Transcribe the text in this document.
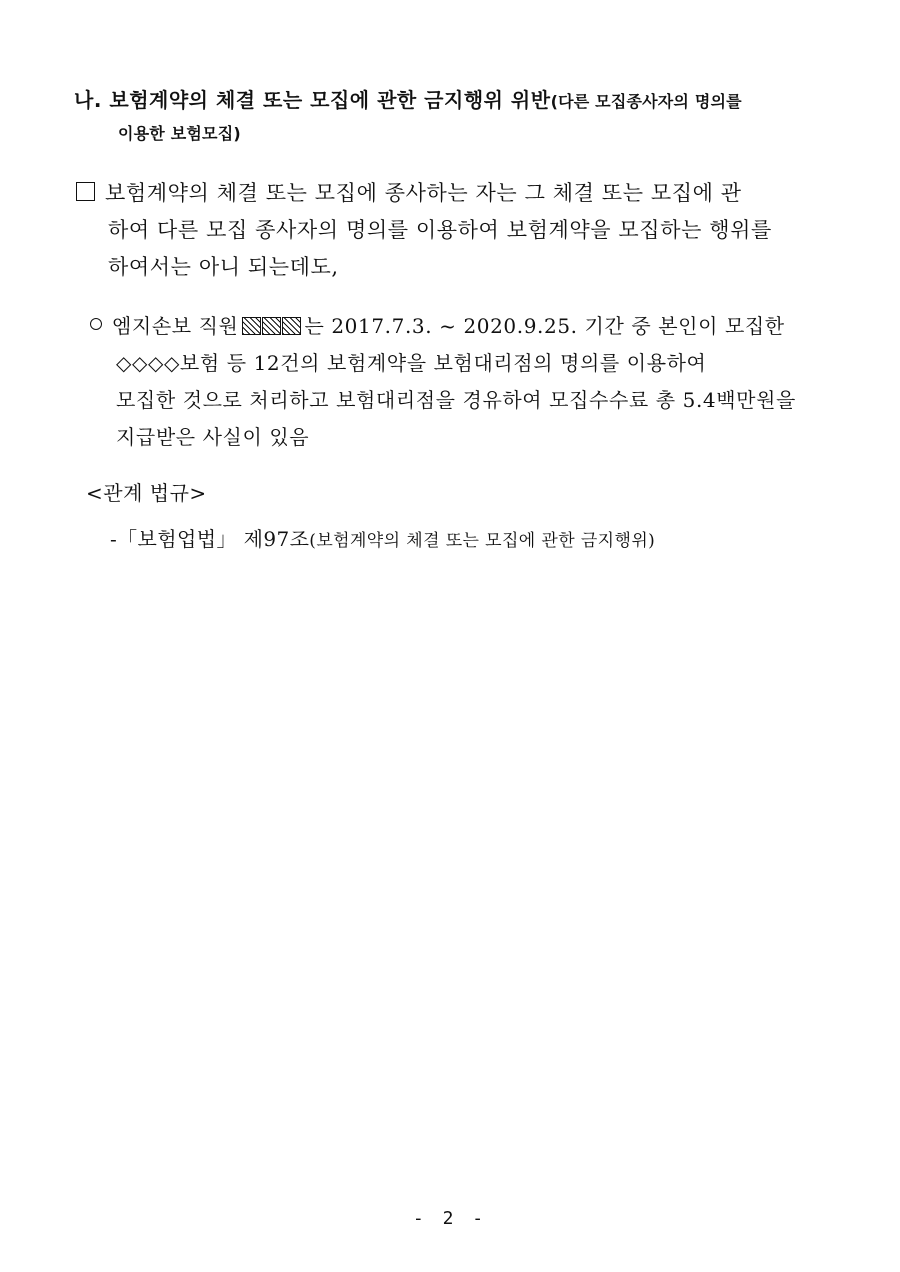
나. 보험계약의 체결 또는 모집에 관한 금지행위 위반(다른 모집종사자의 명의를
이용한 보험모집)
보험계약의 체결 또는 모집에 종사하는 자는 그 체결 또는 모집에 관
하여 다른 모집 종사자의 명의를 이용하여 보험계약을 모집하는 행위를
하여서는 아니 되는데도,
엠지손보 직원	는 2017.7.3. ~ 2020.9.25. 기간 중 본인이 모집한
◇◇◇◇보험 등 12건의 보험계약을 보험대리점의 명의를 이용하여
모집한 것으로 처리하고 보험대리점을 경유하여 모집수수료 총 5.4백만원을
지급받은 사실이 있음
<관계 법규>
-「보험업법」 제97조(보험계약의 체결 또는 모집에 관한 금지행위)
- 2 -
